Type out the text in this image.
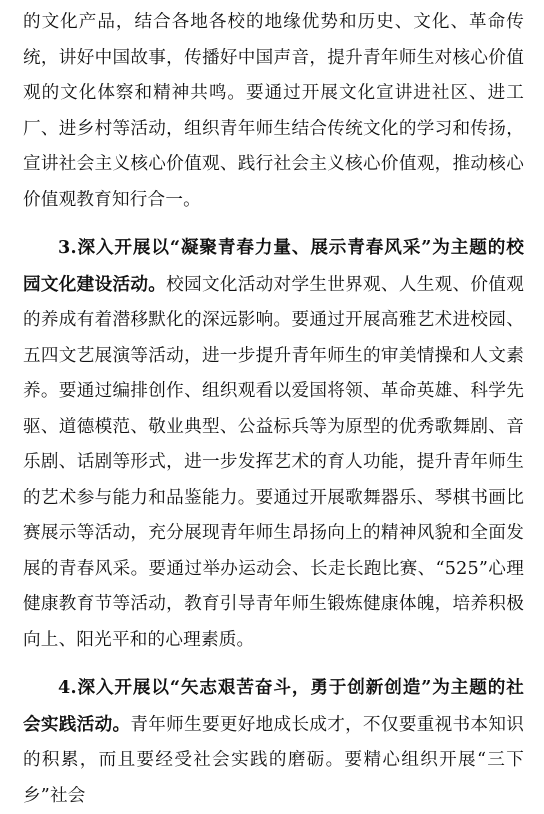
的文化产品，结合各地各校的地缘优势和历史、文化、革命传统，讲好中国故事，传播好中国声音，提升青年师生对核心价值观的文化体察和精神共鸣。要通过开展文化宣讲进社区、进工厂、进乡村等活动，组织青年师生结合传统文化的学习和传扬，宣讲社会主义核心价值观、践行社会主义核心价值观，推动核心价值观教育知行合一。

3.深入开展以“凝聚青春力量、展示青春风采”为主题的校园文化建设活动。校园文化活动对学生世界观、人生观、价值观的养成有着潜移默化的深远影响。要通过开展高雅艺术进校园、五四文艺展演等活动，进一步提升青年师生的审美情操和人文素养。要通过编排创作、组织观看以爱国将领、革命英雄、科学先驱、道德模范、敬业典型、公益标兵等为原型的优秀歌舞剧、音乐剧、话剧等形式，进一步发挥艺术的育人功能，提升青年师生的艺术参与能力和品鉴能力。要通过开展歌舞器乐、琴棋书画比赛展示等活动，充分展现青年师生昂扬向上的精神风貌和全面发展的青春风采。要通过举办运动会、长走长跑比赛、“525”心理健康教育节等活动，教育引导青年师生锻炼健康体魄，培养积极向上、阳光平和的心理素质。

4.深入开展以“矢志艰苦奋斗，勇于创新创造”为主题的社会实践活动。青年师生要更好地成长成才，不仅要重视书本知识的积累，而且要经受社会实践的磨砺。要精心组织开展“三下乡”社会
